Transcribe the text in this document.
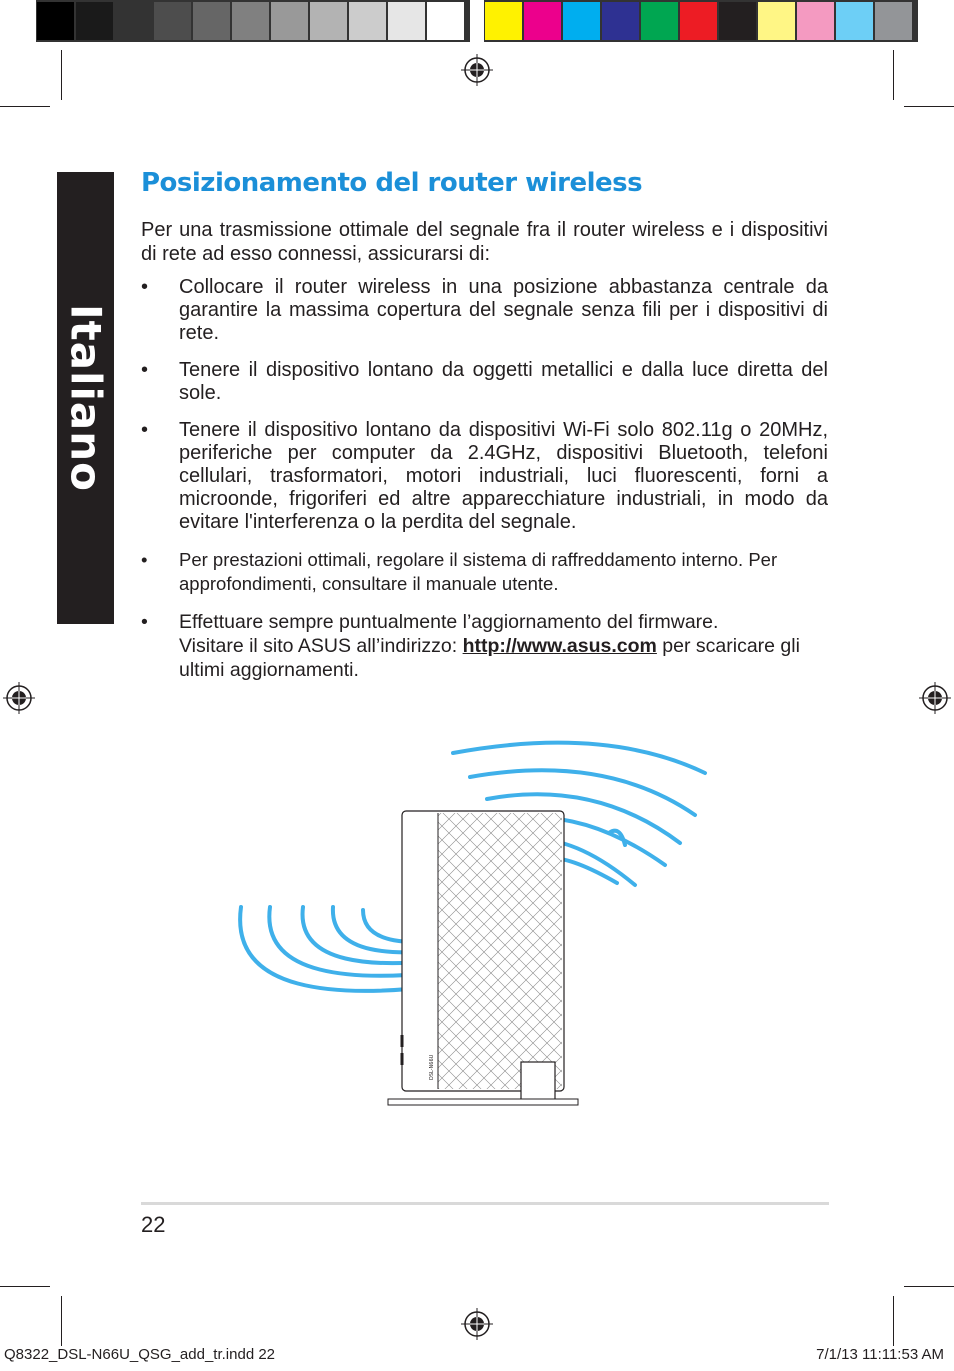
Italiano
Posizionamento del router wireless
Per una trasmissione ottimale del segnale fra il router wireless e i dispositivi di rete ad esso connessi, assicurarsi di:
• Collocare il router wireless in una posizione abbastanza centrale da garantire la massima copertura del segnale senza fili per i dispositivi di rete.
• Tenere il dispositivo lontano da oggetti metallici e dalla luce diretta del sole.
• Tenere il dispositivo lontano da dispositivi Wi-Fi solo 802.11g o 20MHz, periferiche per computer da 2.4GHz, dispositivi Bluetooth, telefoni cellulari, trasformatori, motori industriali, luci fluorescenti, forni a microonde, frigoriferi ed altre apparecchiature industriali, in modo da evitare l'interferenza o la perdita del segnale.
• Per prestazioni ottimali, regolare il sistema di raffreddamento interno. Per approfondimenti, consultare il manuale utente.
• Effettuare sempre puntualmente l’aggiornamento del firmware.
Visitare il sito ASUS all’indirizzo: http://www.asus.com per scaricare gli ultimi aggiornamenti.
DSL-N66U
22
Q8322_DSL-N66U_QSG_add_tr.indd 22	7/1/13 11:11:53 AM
